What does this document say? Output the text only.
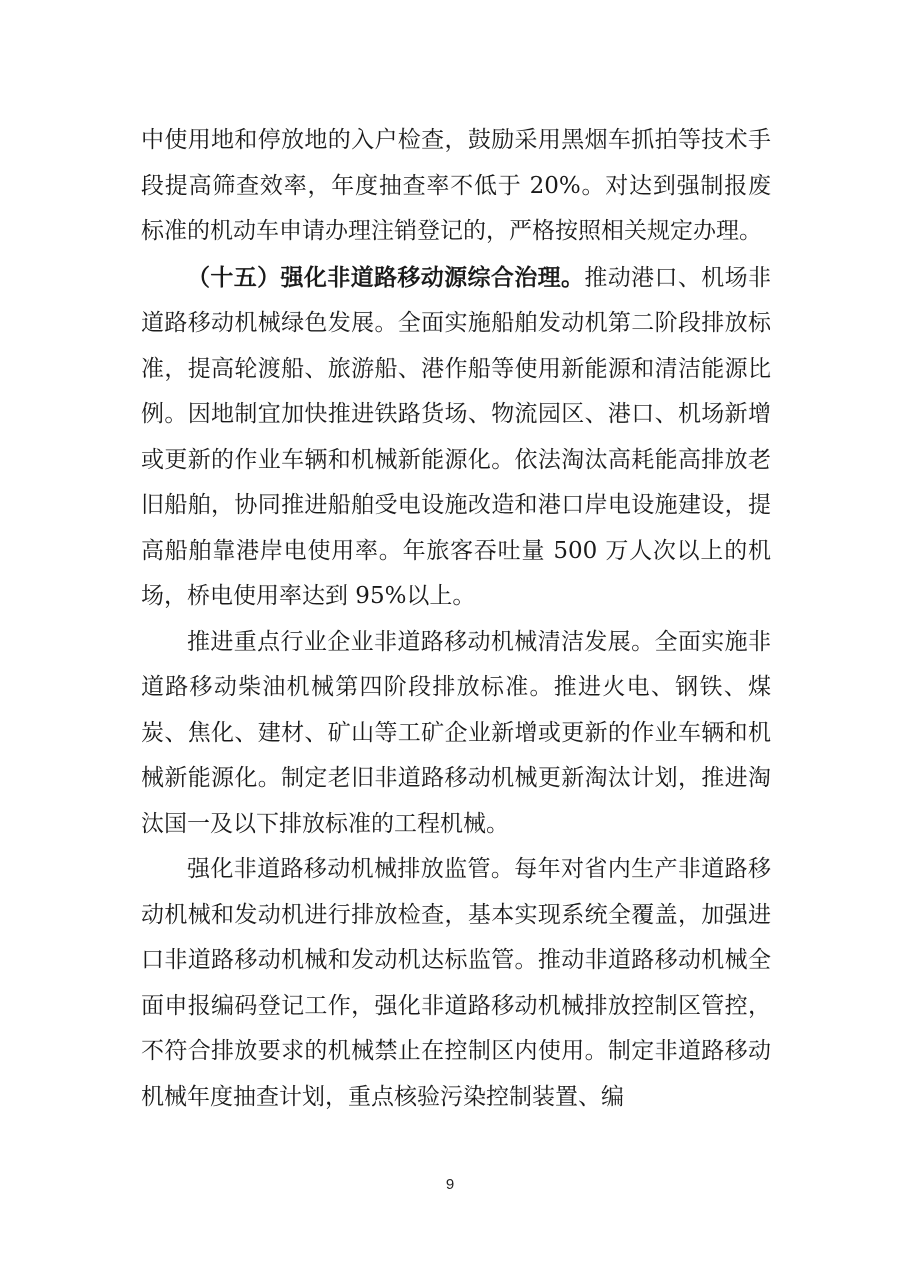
中使用地和停放地的入户检查，鼓励采用黑烟车抓拍等技术手段提高筛查效率，年度抽查率不低于 20%。对达到强制报废标准的机动车申请办理注销登记的，严格按照相关规定办理。

（十五）强化非道路移动源综合治理。推动港口、机场非道路移动机械绿色发展。全面实施船舶发动机第二阶段排放标准，提高轮渡船、旅游船、港作船等使用新能源和清洁能源比例。因地制宜加快推进铁路货场、物流园区、港口、机场新增或更新的作业车辆和机械新能源化。依法淘汰高耗能高排放老旧船舶，协同推进船舶受电设施改造和港口岸电设施建设，提高船舶靠港岸电使用率。年旅客吞吐量 500 万人次以上的机场，桥电使用率达到 95%以上。

推进重点行业企业非道路移动机械清洁发展。全面实施非道路移动柴油机械第四阶段排放标准。推进火电、钢铁、煤炭、焦化、建材、矿山等工矿企业新增或更新的作业车辆和机械新能源化。制定老旧非道路移动机械更新淘汰计划，推进淘汰国一及以下排放标准的工程机械。

强化非道路移动机械排放监管。每年对省内生产非道路移动机械和发动机进行排放检查，基本实现系统全覆盖，加强进口非道路移动机械和发动机达标监管。推动非道路移动机械全面申报编码登记工作，强化非道路移动机械排放控制区管控，不符合排放要求的机械禁止在控制区内使用。制定非道路移动机械年度抽查计划，重点核验污染控制装置、编

9
